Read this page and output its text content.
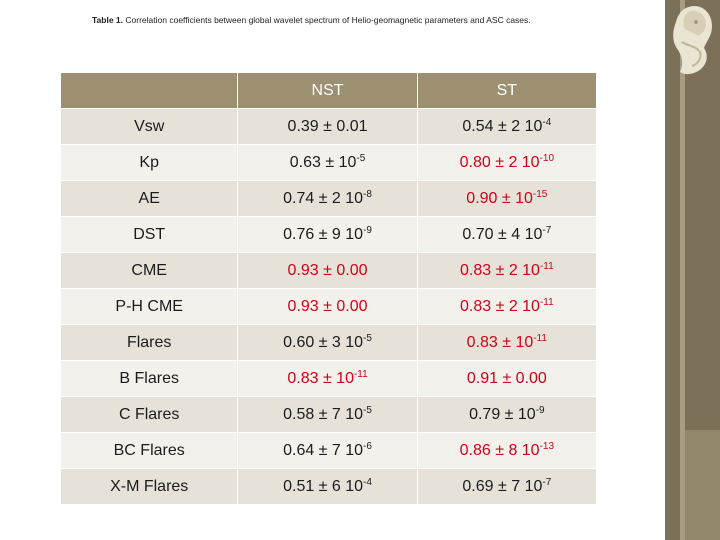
Table 1. Correlation coefficients between global wavelet spectrum of Helio-geomagnetic parameters and ASC cases.
	NST	ST
Vsw	0.39 ± 0.01	0.54 ± 2 $10^{-4}$
Kp	$0.63 \pm 10^{-5}$	0.80 ± 2 $10^{-10}$
AE	0.74 ± 2 $10^{-8}$	$0.90 \pm 10^{-15}$
DST	0.76 ± 9 $10^{-9}$	0.70 ± 4 $10^{-7}$
CME	0.93 ± 0.00	0.83 ± 2 $10^{-11}$
P-H CME	0.93 ± 0.00	0.83 ± 2 $10^{-11}$
Flares	0.60 ± 3 $10^{-5}$	$0.83 \pm 10^{-11}$
B Flares	$0.83 \pm 10^{-11}$	0.91 ± 0.00
C Flares	0.58 ± 7 $10^{-5}$	$0.79 \pm 10^{-9}$
BC Flares	0.64 ± 7 $10^{-6}$	0.86 ± 8 $10^{-13}$
X-M Flares	0.51 ± 6 $10^{-4}$	0.69 ± 7 $10^{-7}$
